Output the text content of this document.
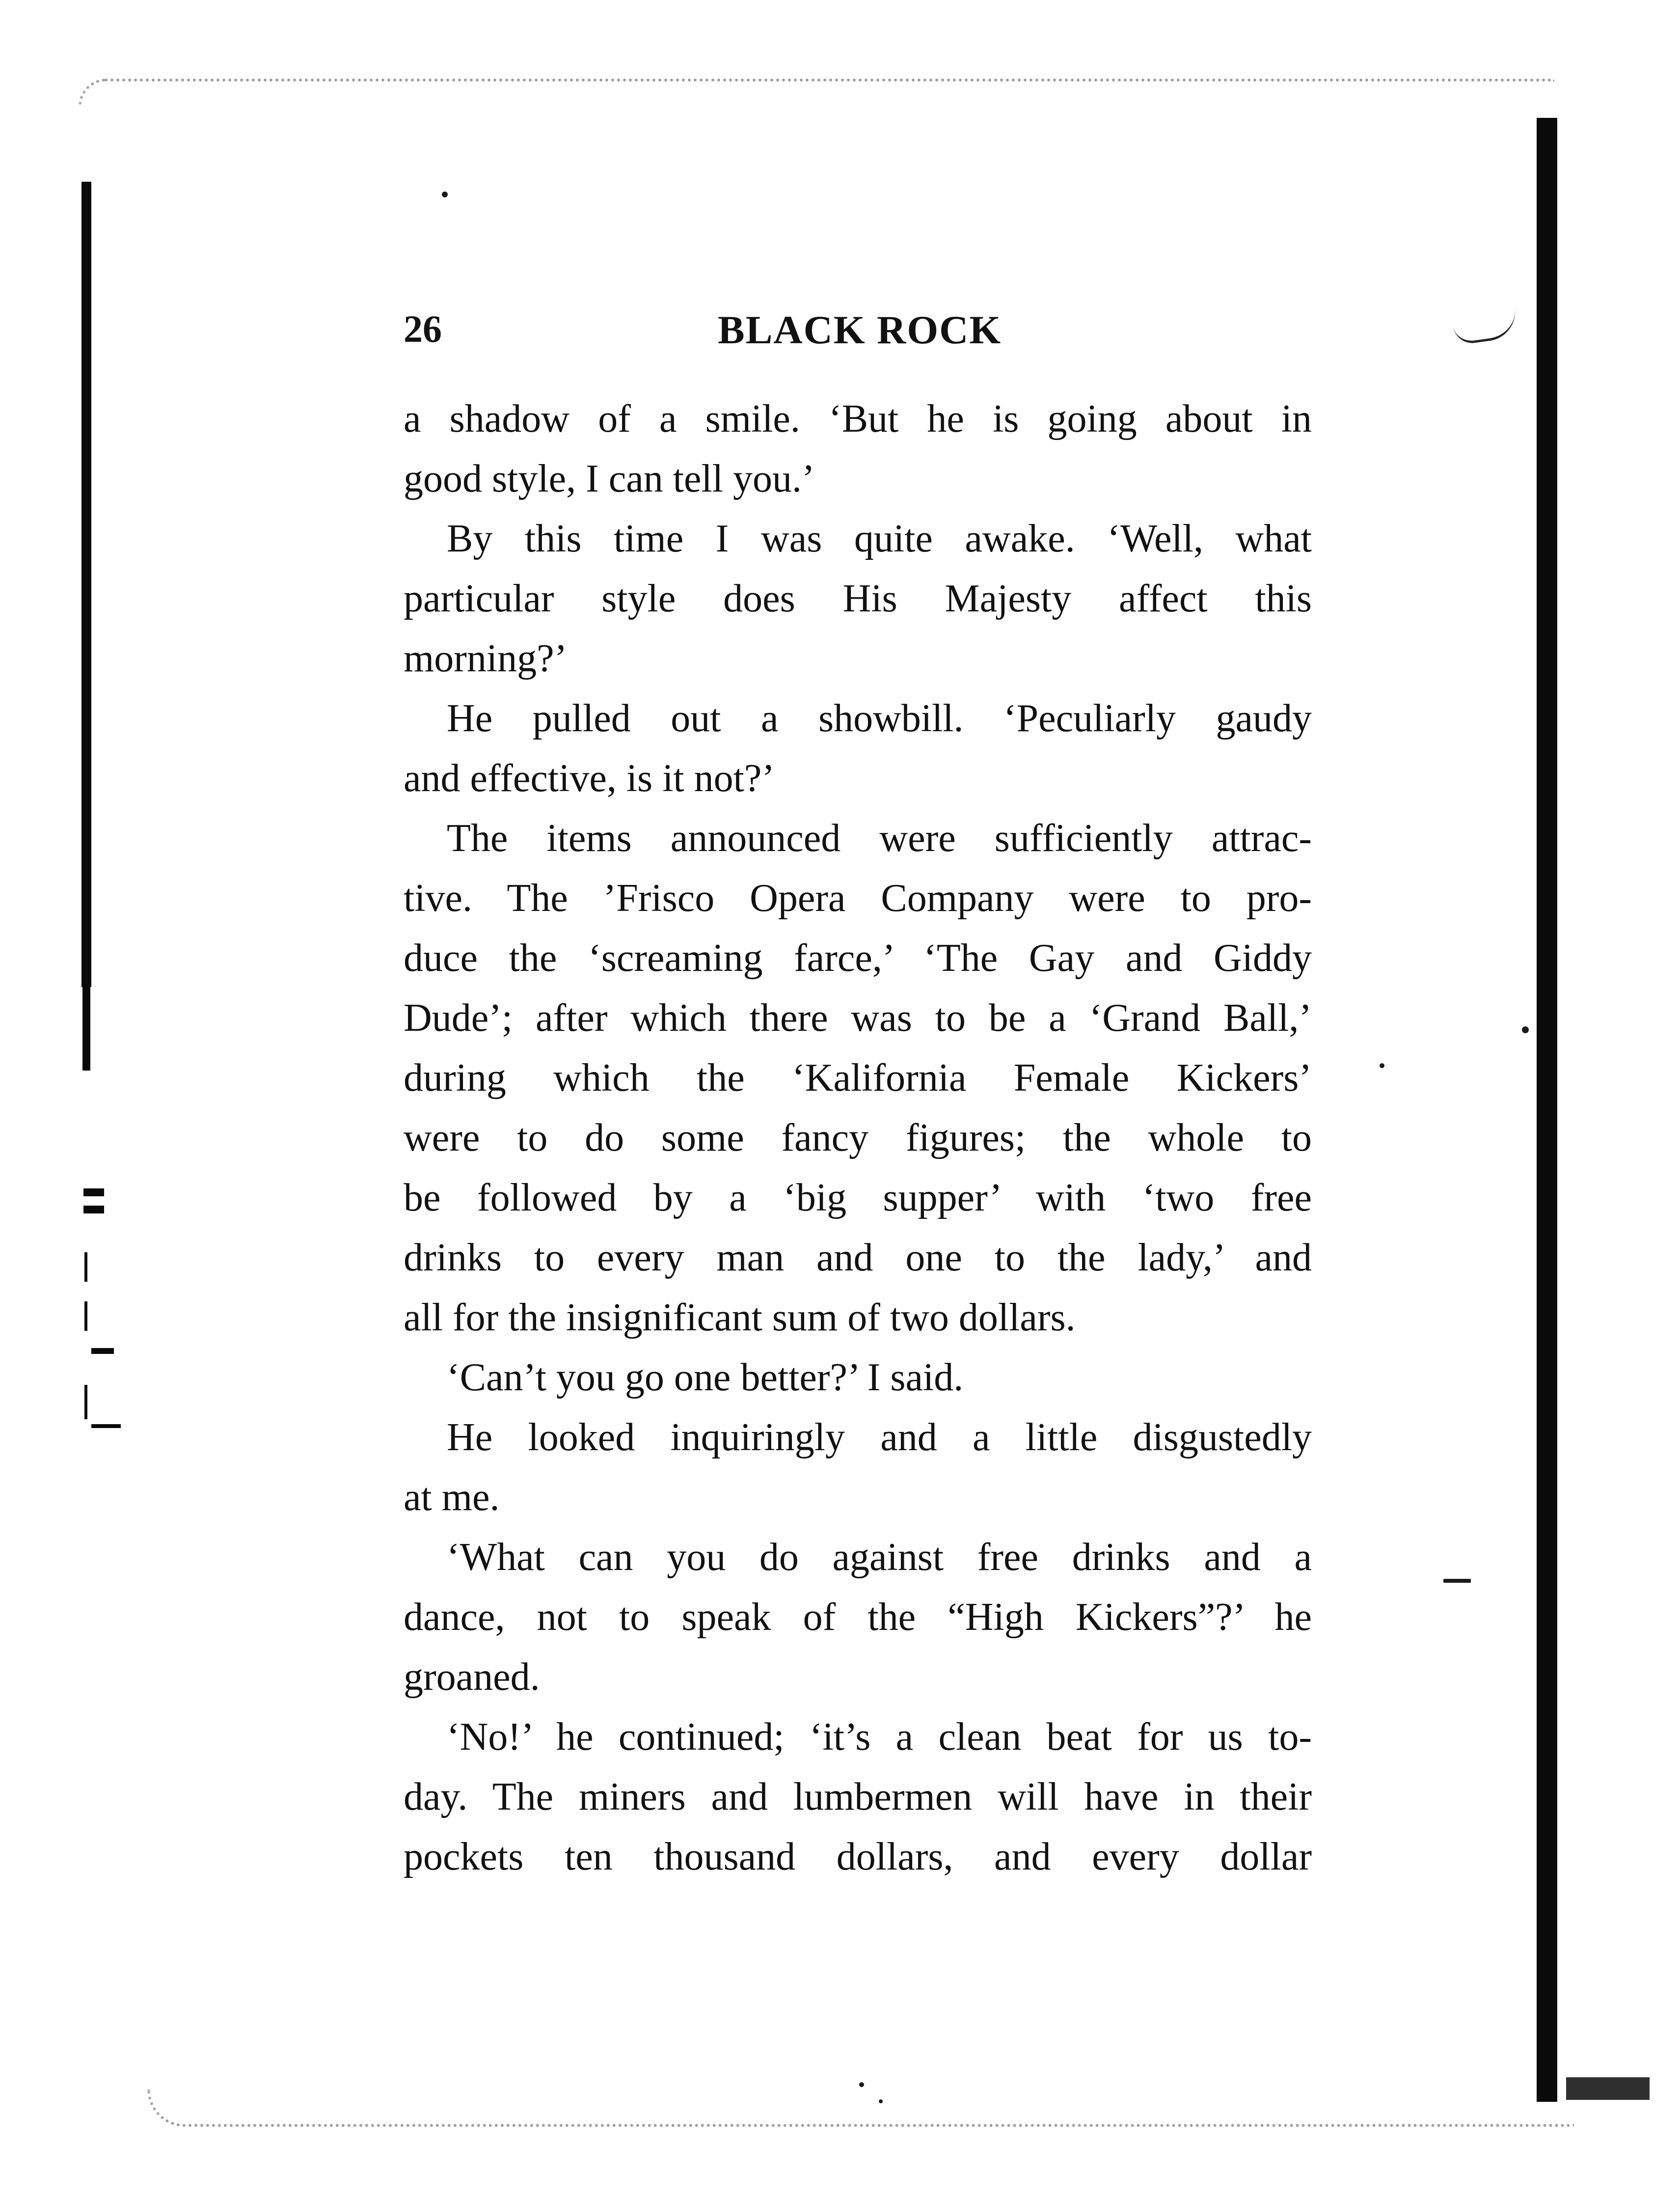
26	BLACK ROCK
a shadow of a smile. ‘But he is going about in
good style, I can tell you.’
By this time I was quite awake. ‘Well, what
particular style does His Majesty affect this
morning?’
He pulled out a showbill. ‘Peculiarly gaudy
and effective, is it not?’
The items announced were sufficiently attrac-
tive. The ’Frisco Opera Company were to pro-
duce the ‘screaming farce,’ ‘The Gay and Giddy
Dude’; after which there was to be a ‘Grand Ball,’
during which the ‘Kalifornia Female Kickers’
were to do some fancy figures; the whole to
be followed by a ‘big supper’ with ‘two free
drinks to every man and one to the lady,’ and
all for the insignificant sum of two dollars.
‘Can’t you go one better?’ I said.
He looked inquiringly and a little disgustedly
at me.
‘What can you do against free drinks and a
dance, not to speak of the “High Kickers”?’ he
groaned.
‘No!’ he continued; ‘it’s a clean beat for us to-
day. The miners and lumbermen will have in their
pockets ten thousand dollars, and every dollar
